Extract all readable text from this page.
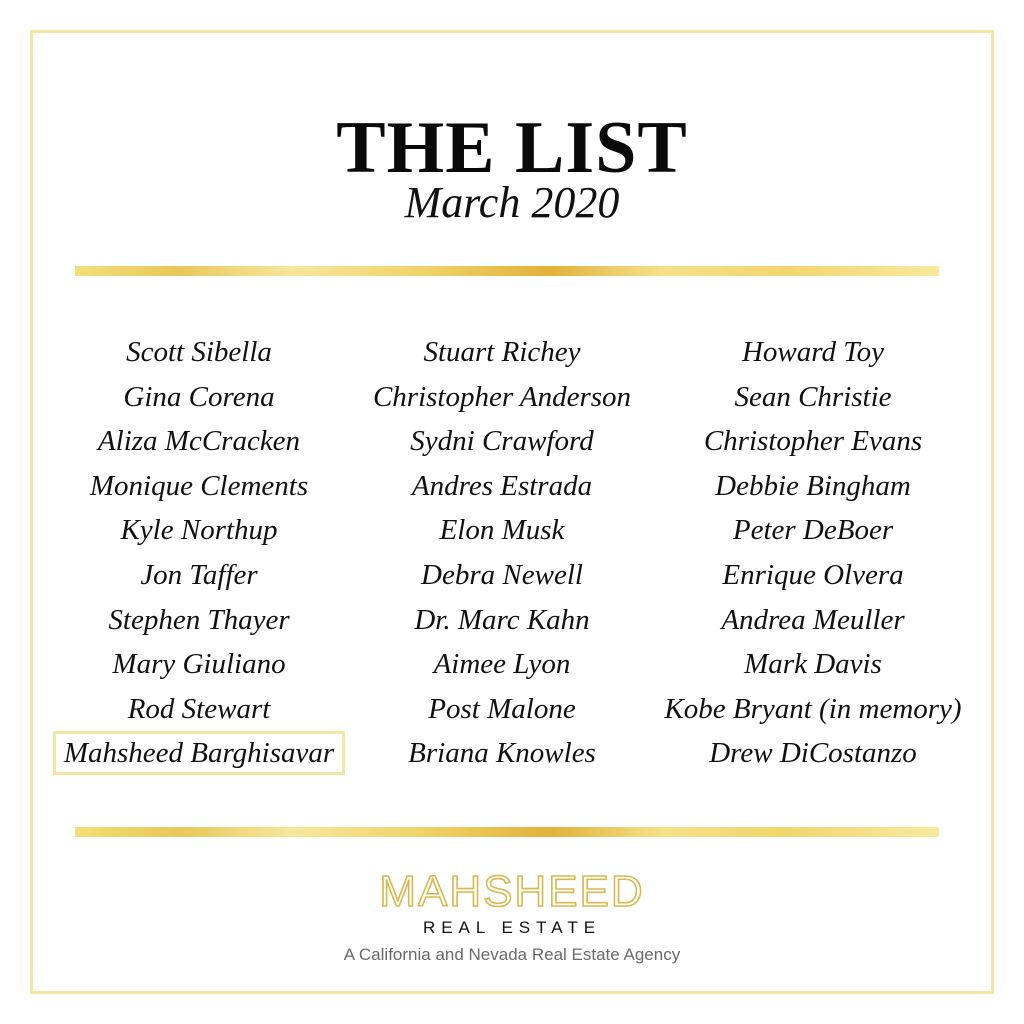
THE LIST
March 2020
Scott Sibella
Gina Corena
Aliza McCracken
Monique Clements
Kyle Northup
Jon Taffer
Stephen Thayer
Mary Giuliano
Rod Stewart
Mahsheed Barghisavar
Stuart Richey
Christopher Anderson
Sydni Crawford
Andres Estrada
Elon Musk
Debra Newell
Dr. Marc Kahn
Aimee Lyon
Post Malone
Briana Knowles
Howard Toy
Sean Christie
Christopher Evans
Debbie Bingham
Peter DeBoer
Enrique Olvera
Andrea Meuller
Mark Davis
Kobe Bryant (in memory)
Drew DiCostanzo
MAHSHEED
REAL ESTATE
A California and Nevada Real Estate Agency
